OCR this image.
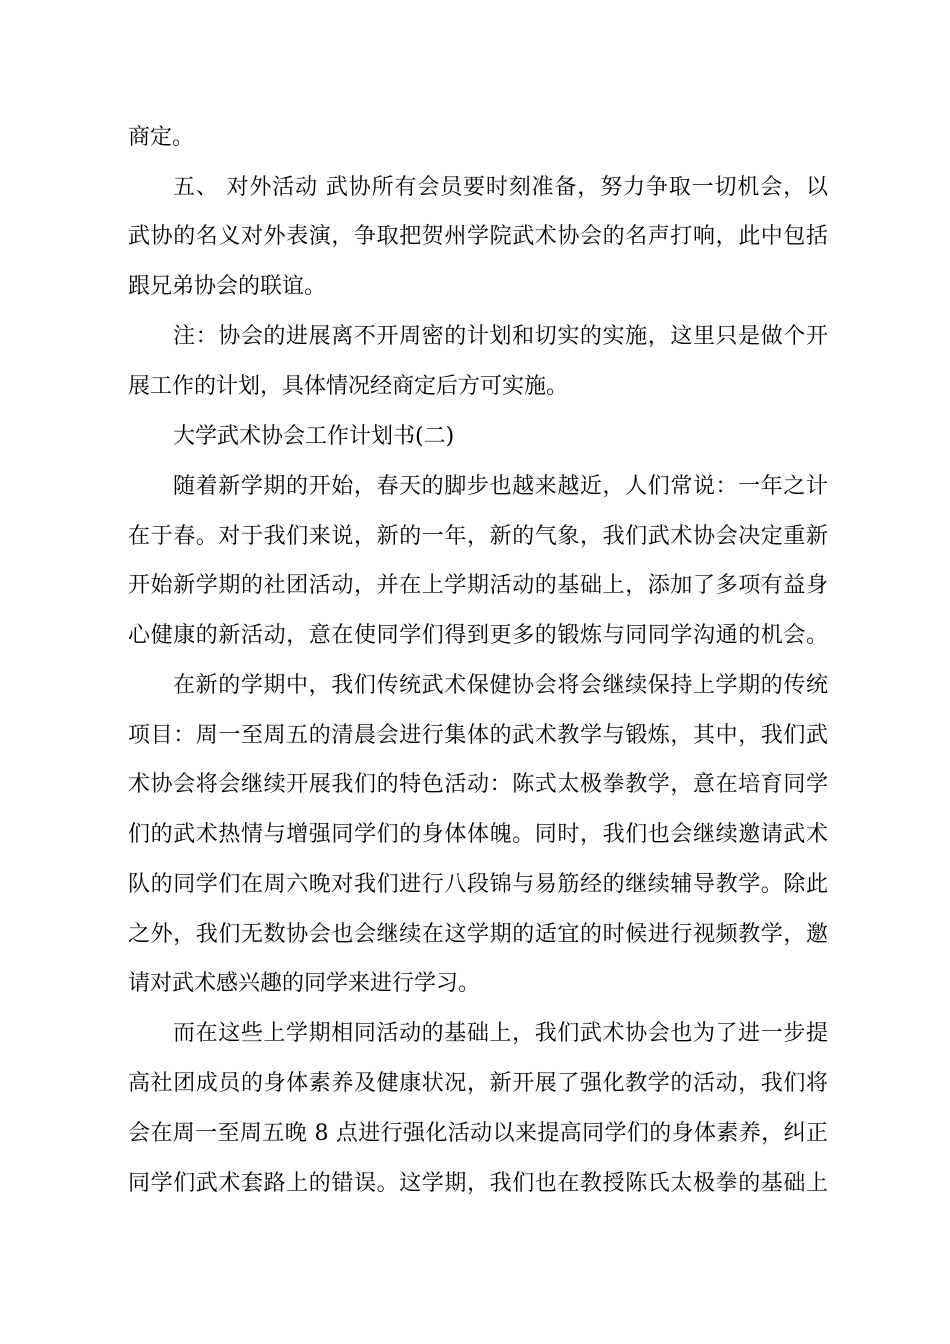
商定。
五、 对外活动 武协所有会员要时刻准备，努力争取一切机会，以
武协的名义对外表演，争取把贺州学院武术协会的名声打响，此中包括
跟兄弟协会的联谊。
注：协会的进展离不开周密的计划和切实的实施，这里只是做个开
展工作的计划，具体情况经商定后方可实施。
大学武术协会工作计划书(二)
随着新学期的开始，春天的脚步也越来越近，人们常说：一年之计
在于春。对于我们来说，新的一年，新的气象，我们武术协会决定重新
开始新学期的社团活动，并在上学期活动的基础上，添加了多项有益身
心健康的新活动，意在使同学们得到更多的锻炼与同同学沟通的机会。
在新的学期中，我们传统武术保健协会将会继续保持上学期的传统
项目：周一至周五的清晨会进行集体的武术教学与锻炼，其中，我们武
术协会将会继续开展我们的特色活动：陈式太极拳教学，意在培育同学
们的武术热情与增强同学们的身体体魄。同时，我们也会继续邀请武术
队的同学们在周六晚对我们进行八段锦与易筋经的继续辅导教学。除此
之外，我们无数协会也会继续在这学期的适宜的时候进行视频教学，邀
请对武术感兴趣的同学来进行学习。
而在这些上学期相同活动的基础上，我们武术协会也为了进一步提
高社团成员的身体素养及健康状况，新开展了强化教学的活动，我们将
会在周一至周五晚 8 点进行强化活动以来提高同学们的身体素养，纠正
同学们武术套路上的错误。这学期，我们也在教授陈氏太极拳的基础上
